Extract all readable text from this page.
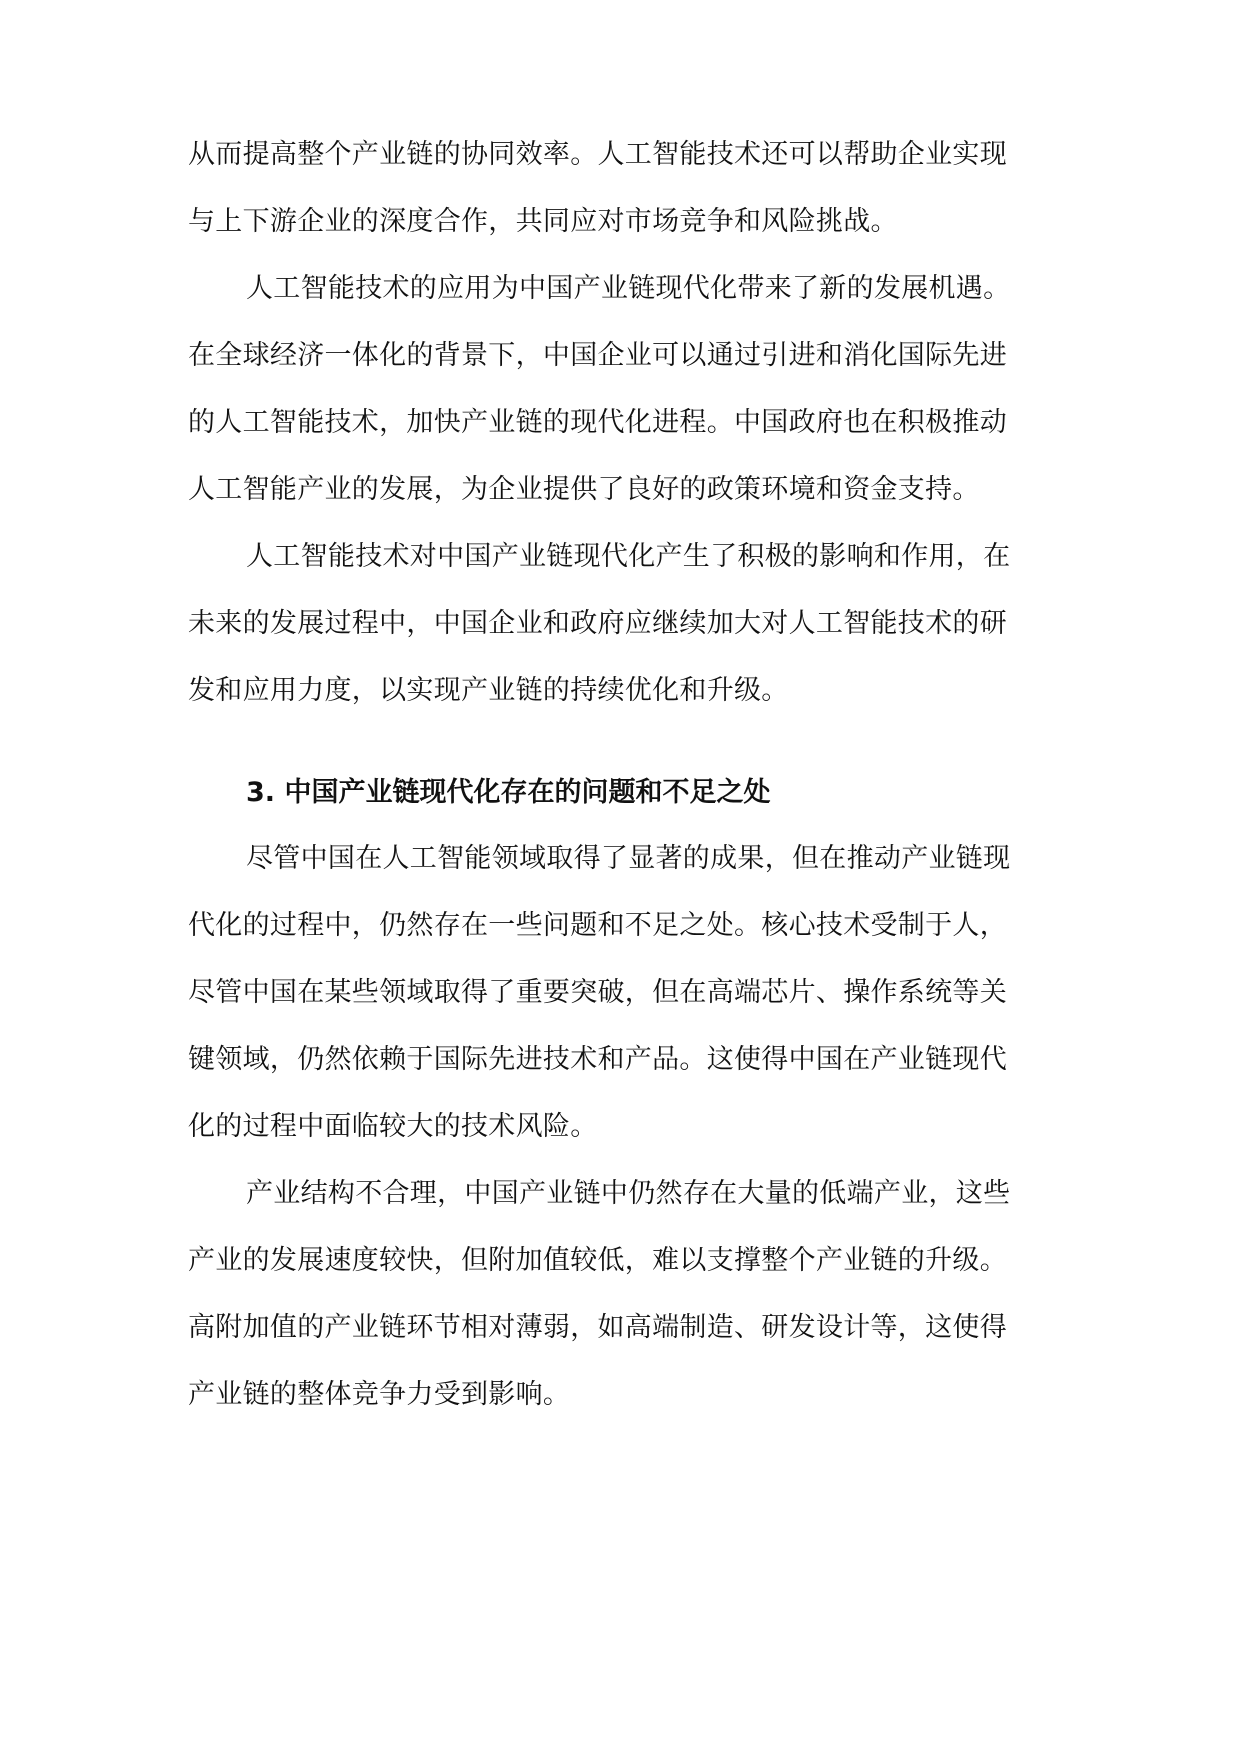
从而提高整个产业链的协同效率。人工智能技术还可以帮助企业实现
与上下游企业的深度合作，共同应对市场竞争和风险挑战。
人工智能技术的应用为中国产业链现代化带来了新的发展机遇。
在全球经济一体化的背景下，中国企业可以通过引进和消化国际先进
的人工智能技术，加快产业链的现代化进程。中国政府也在积极推动
人工智能产业的发展，为企业提供了良好的政策环境和资金支持。
人工智能技术对中国产业链现代化产生了积极的影响和作用，在
未来的发展过程中，中国企业和政府应继续加大对人工智能技术的研
发和应用力度，以实现产业链的持续优化和升级。
3. 中国产业链现代化存在的问题和不足之处
尽管中国在人工智能领域取得了显著的成果，但在推动产业链现
代化的过程中，仍然存在一些问题和不足之处。核心技术受制于人，
尽管中国在某些领域取得了重要突破，但在高端芯片、操作系统等关
键领域，仍然依赖于国际先进技术和产品。这使得中国在产业链现代
化的过程中面临较大的技术风险。
产业结构不合理，中国产业链中仍然存在大量的低端产业，这些
产业的发展速度较快，但附加值较低，难以支撑整个产业链的升级。
高附加值的产业链环节相对薄弱，如高端制造、研发设计等，这使得
产业链的整体竞争力受到影响。
